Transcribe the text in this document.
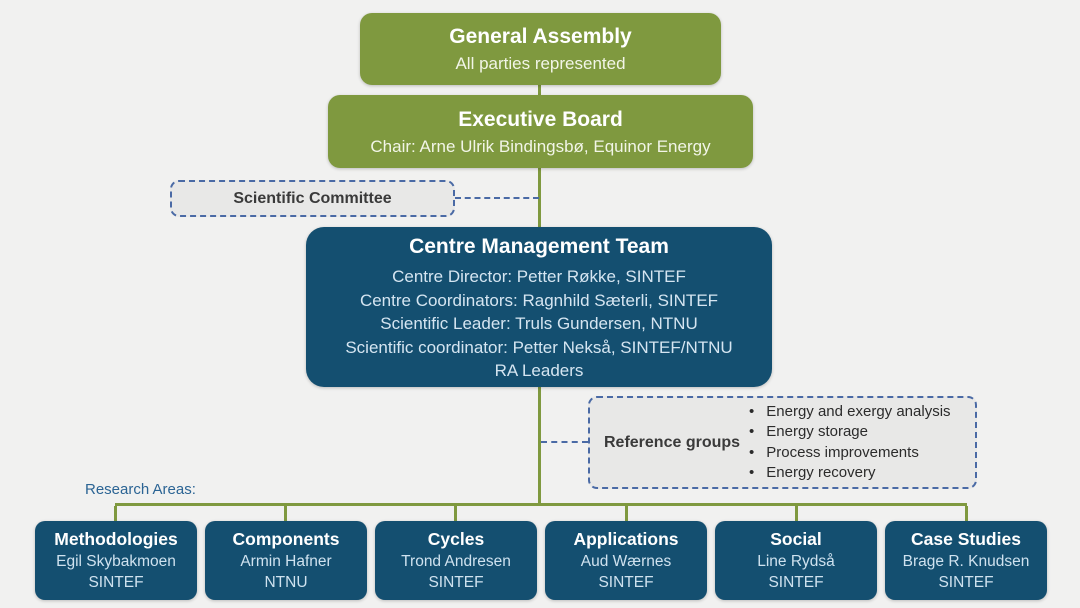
General Assembly
All parties represented
Executive Board
Chair: Arne Ulrik Bindingsbø, Equinor Energy
Scientific Committee
Centre Management Team
Centre Director: Petter Røkke, SINTEF
Centre Coordinators: Ragnhild Sæterli, SINTEF
Scientific Leader: Truls Gundersen, NTNU
Scientific coordinator: Petter Nekså, SINTEF/NTNU
RA Leaders
Reference groups
• Energy and exergy analysis
• Energy storage
• Process improvements
• Energy recovery
Research Areas:
Methodologies
Egil Skybakmoen
SINTEF
Components
Armin Hafner
NTNU
Cycles
Trond Andresen
SINTEF
Applications
Aud Wærnes
SINTEF
Social
Line Rydså
SINTEF
Case Studies
Brage R. Knudsen
SINTEF
